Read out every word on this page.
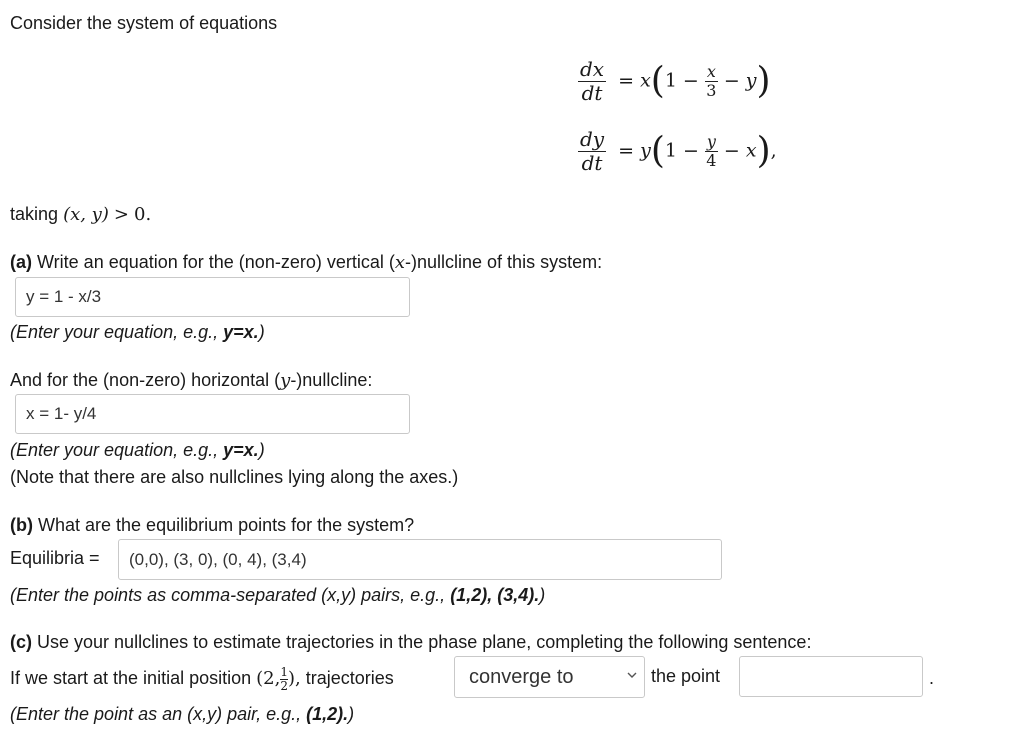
Consider the system of equations
$\frac{dx}{dt} = x(1 - \frac{x}{3} - y)$
$\frac{dy}{dt} = y(1 - \frac{y}{4} - x)$,
taking (x, y) > 0.
(a) Write an equation for the (non-zero) vertical (x-)nullcline of this system:
y = 1 - x/3
(Enter your equation, e.g., y=x.)
And for the (non-zero) horizontal (y-)nullcline:
x = 1- y/4
(Enter your equation, e.g., y=x.)
(Note that there are also nullclines lying along the axes.)
(b) What are the equilibrium points for the system?
Equilibria = (0,0), (3, 0), (0, 4), (3,4)
(Enter the points as comma-separated (x,y) pairs, e.g., (1,2), (3,4).)
(c) Use your nullclines to estimate trajectories in the phase plane, completing the following sentence:
If we start at the initial position (2, $\frac{1}{2}$ ), trajectories	converge to	the point	.
(Enter the point as an (x,y) pair, e.g., (1,2).)
